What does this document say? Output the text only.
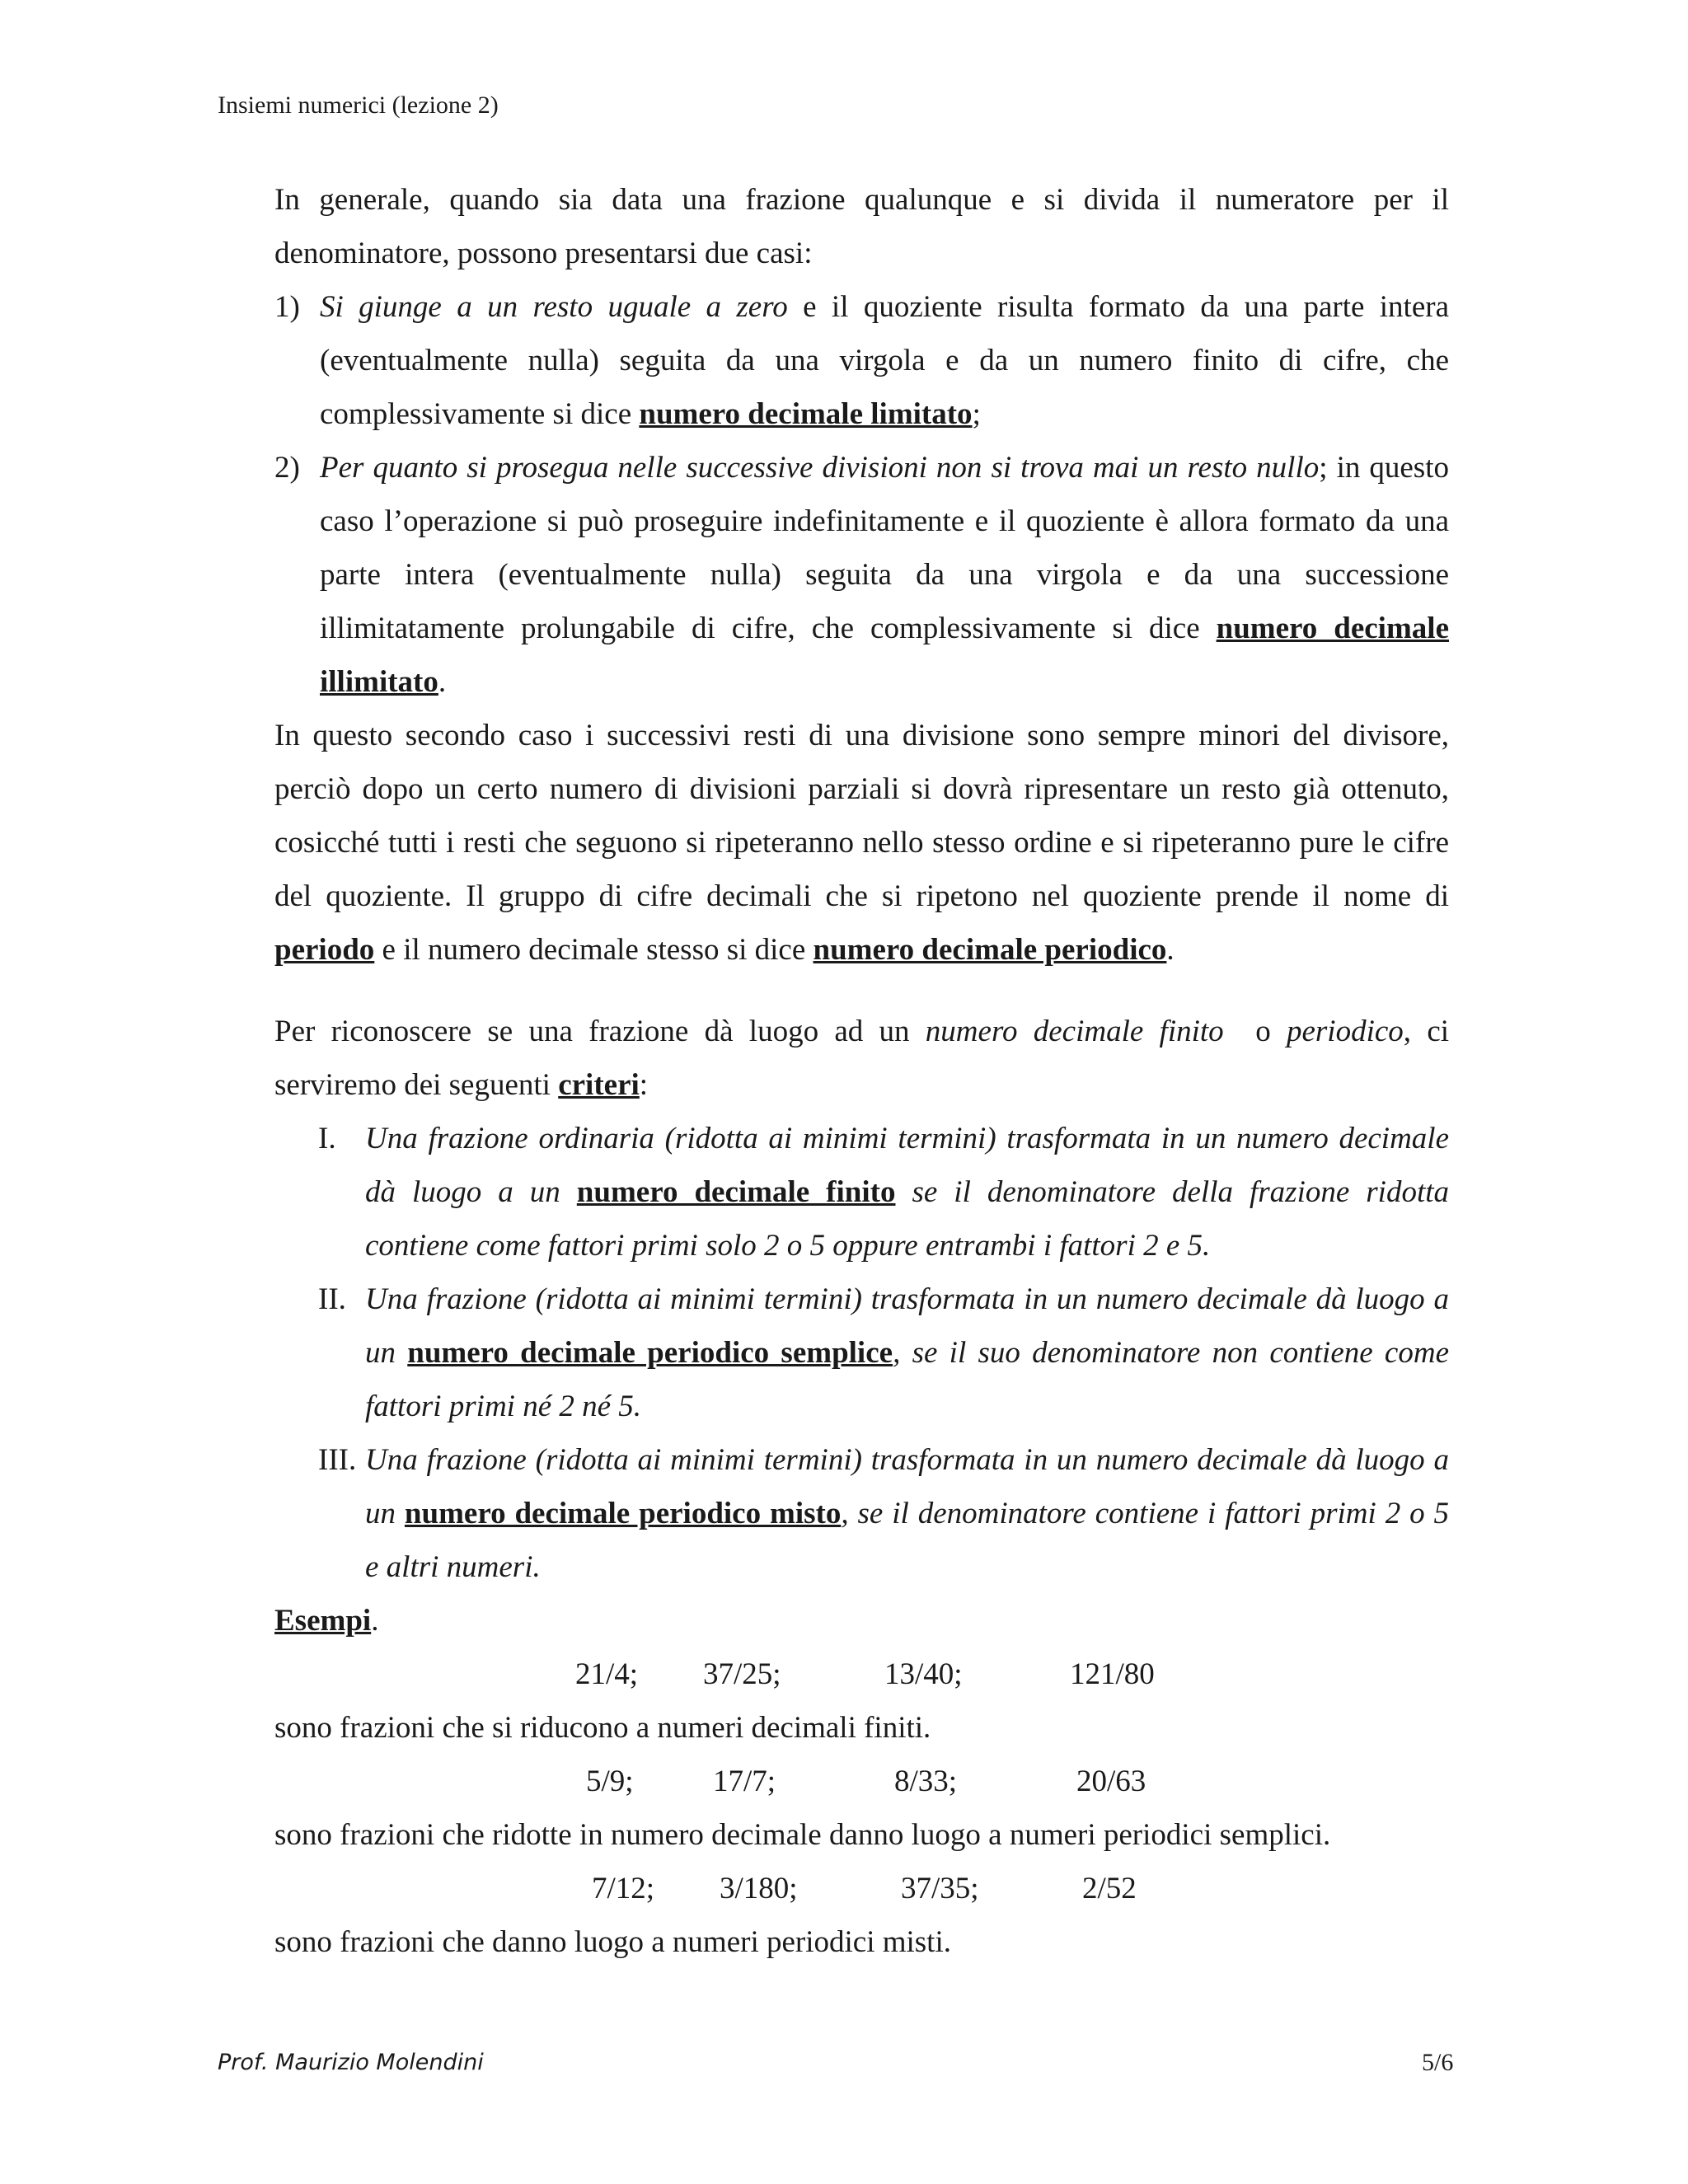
Insiemi numerici (lezione 2)

In generale, quando sia data una frazione qualunque e si divida il numeratore per il denominatore, possono presentarsi due casi:

1) Si giunge a un resto uguale a zero e il quoziente risulta formato da una parte intera (eventualmente nulla) seguita da una virgola e da un numero finito di cifre, che complessivamente si dice numero decimale limitato;
2) Per quanto si prosegua nelle successive divisioni non si trova mai un resto nullo; in questo caso l’operazione si può proseguire indefinitamente e il quoziente è allora formato da una parte intera (eventualmente nulla) seguita da una virgola e da una successione illimitatamente prolungabile di cifre, che complessivamente si dice numero decimale illimitato.

In questo secondo caso i successivi resti di una divisione sono sempre minori del divisore, perciò dopo un certo numero di divisioni parziali si dovrà ripresentare un resto già ottenuto, cosicché tutti i resti che seguono si ripeteranno nello stesso ordine e si ripeteranno pure le cifre del quoziente. Il gruppo di cifre decimali che si ripetono nel quoziente prende il nome di periodo e il numero decimale stesso si dice numero decimale periodico.

Per riconoscere se una frazione dà luogo ad un numero decimale finito  o periodico, ci serviremo dei seguenti criteri:

I. Una frazione ordinaria (ridotta ai minimi termini) trasformata in un numero decimale dà luogo a un numero decimale finito se il denominatore della frazione ridotta contiene come fattori primi solo 2 o 5 oppure entrambi i fattori 2 e 5.
II. Una frazione (ridotta ai minimi termini) trasformata in un numero decimale dà luogo a un numero decimale periodico semplice, se il suo denominatore non contiene come fattori primi né 2 né 5.
III. Una frazione (ridotta ai minimi termini) trasformata in un numero decimale dà luogo a un numero decimale periodico misto, se il denominatore contiene i fattori primi 2 o 5 e altri numeri.

Esempi.

21/4; 37/25;	13/40;	121/80

sono frazioni che si riducono a numeri decimali finiti.

5/9;	17/7;	8/33;	20/63

sono frazioni che ridotte in numero decimale danno luogo a numeri periodici semplici.

7/12; 3/180;	37/35;	2/52

sono frazioni che danno luogo a numeri periodici misti.

Prof. Maurizio Molendini	5/6
